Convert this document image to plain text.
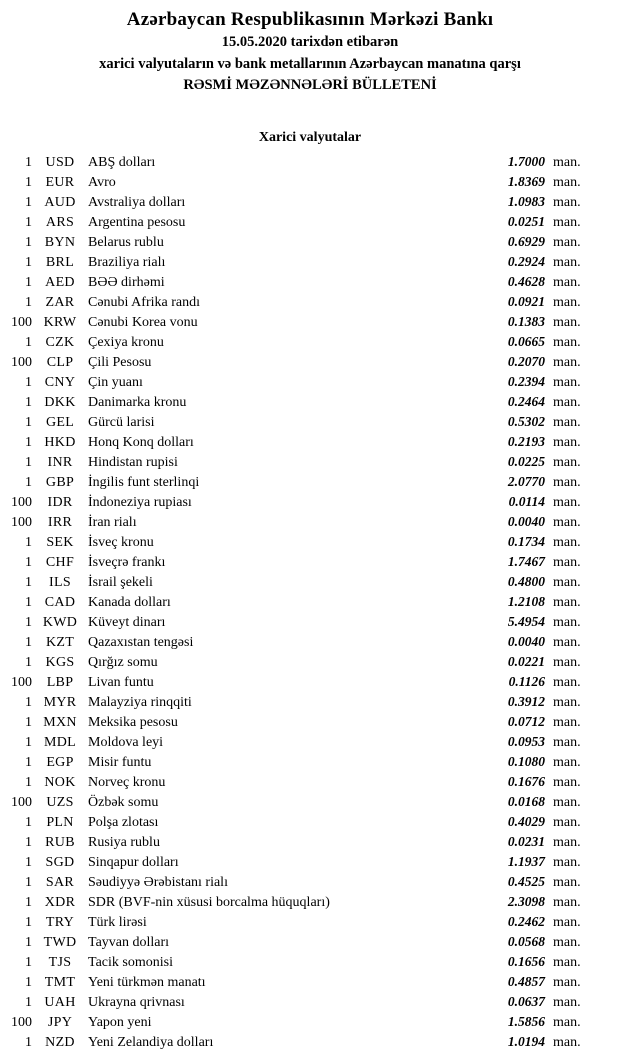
Azərbaycan Respublikasının Mərkəzi Bankı
15.05.2020 tarixdən etibarən
xarici valyutaların və bank metallarının Azərbaycan manatına qarşı
RƏSMİ MƏZƏNNƏLƏRİ BÜLLETENİ
Xarici valyutalar
1 USD ABŞ dolları	1.7000 man.
1 EUR Avro	1.8369 man.
1 AUD Avstraliya dolları	1.0983 man.
1 ARS Argentina pesosu	0.0251 man.
1 BYN Belarus rublu	0.6929 man.
1 BRL Braziliya rialı	0.2924 man.
1 AED BƏƏ dirhəmi	0.4628 man.
1 ZAR Cənubi Afrika randı	0.0921 man.
100 KRW Cənubi Korea vonu	0.1383 man.
1 CZK Çexiya kronu	0.0665 man.
100	CLP	Çili Pesosu	0.2070 man.
1 CNY Çin yuanı	0.2394 man.
1 DKK Danimarka kronu	0.2464 man.
1 GEL Gürcü larisi	0.5302 man.
1 HKD Honq Konq dolları	0.2193 man.
1	INR	Hindistan rupisi	0.0225 man.
1 GBP İngilis funt sterlinqi	2.0770 man.
100	IDR	İndoneziya rupiası	0.0114 man.
100	IRR	İran rialı	0.0040 man.
1	SEK	İsveç kronu	0.1734 man.
1 CHF İsveçrə frankı	1.7467 man.
1	ILS	İsrail şekeli	0.4800 man.
1 CAD Kanada dolları	1.2108 man.
1 KWD Küveyt dinarı	5.4954 man.
1 KZT Qazaxıstan tengəsi	0.0040 man.
1 KGS Qırğız somu	0.0221 man.
100	LBP	Livan funtu	0.1126 man.
1 MYR Malayziya rinqqiti	0.3912 man.
1 MXN Meksika pesosu	0.0712 man.
1 MDL Moldova leyi	0.0953 man.
1	EGP	Misir funtu	0.1080 man.
1 NOK Norveç kronu	0.1676 man.
100	UZS	Özbək somu	0.0168 man.
1	PLN	Polşa zlotası	0.4029 man.
1 RUB Rusiya rublu	0.0231 man.
1 SGD Sinqapur dolları	1.1937 man.
1 SAR Səudiyyə Ərəbistanı rialı	0.4525 man.
1 XDR SDR (BVF-nin xüsusi borcalma hüquqları)	2.3098 man.
1 TRY Türk lirəsi	0.2462 man.
1 TWD Tayvan dolları	0.0568 man.
1	TJS	Tacik somonisi	0.1656 man.
1 TMT Yeni türkmən manatı	0.4857 man.
1 UAH Ukrayna qrivnası	0.0637 man.
100	JPY	Yapon yeni	1.5856 man.
1 NZD Yeni Zelandiya dolları	1.0194 man.
